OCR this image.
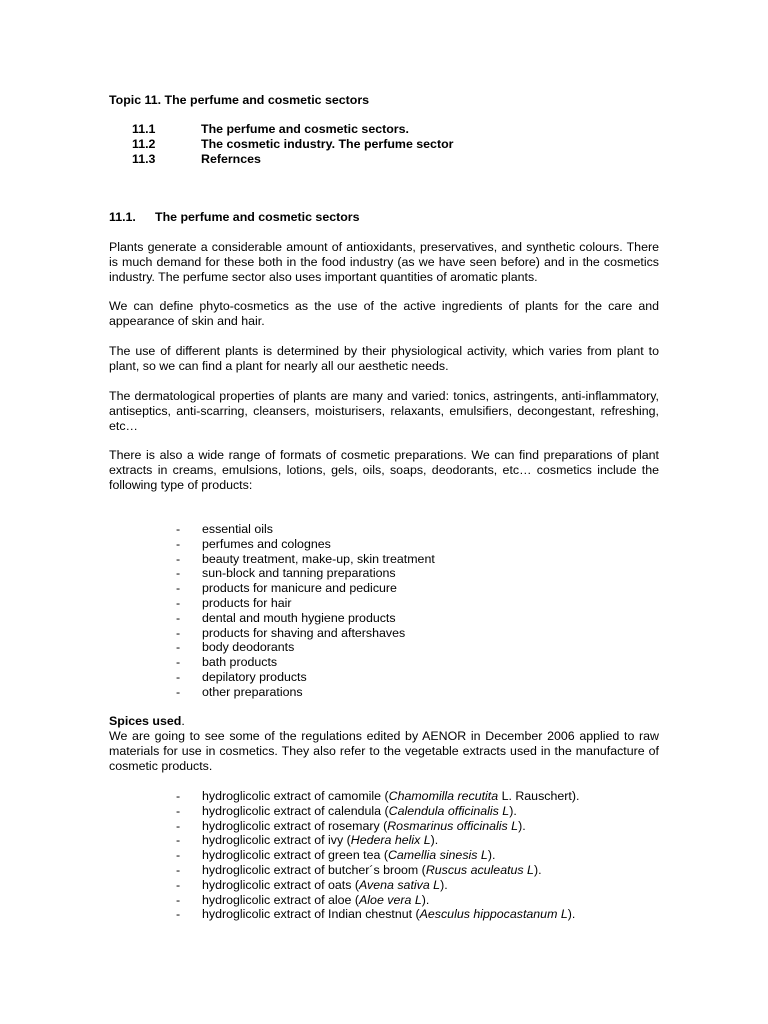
Topic 11. The perfume and cosmetic sectors
11.1	The perfume and cosmetic sectors.
11.2	The cosmetic industry. The perfume sector
11.3	Refernces
11.1.	The perfume and cosmetic sectors

Plants generate a considerable amount of antioxidants, preservatives, and synthetic colours. There is much demand for these both in the food industry (as we have seen before) and in the cosmetics industry. The perfume sector also uses important quantities of aromatic plants.

We can define phyto-cosmetics as the use of the active ingredients of plants for the care and appearance of skin and hair.

The use of different plants is determined by their physiological activity, which varies from plant to plant, so we can find a plant for nearly all our aesthetic needs.

The dermatological properties of plants are many and varied: tonics, astringents, anti-inflammatory, antiseptics, anti-scarring, cleansers, moisturisers, relaxants, emulsifiers, decongestant, refreshing, etc…

There is also a wide range of formats of cosmetic preparations. We can find preparations of plant extracts in creams, emulsions, lotions, gels, oils, soaps, deodorants, etc… cosmetics include the following type of products:

-	essential oils
-	perfumes and colognes
-	beauty treatment, make-up, skin treatment
-	sun-block and tanning preparations
-	products for manicure and pedicure
-	products for hair
-	dental and mouth hygiene products
-	products for shaving and aftershaves
-	body deodorants
-	bath products
-	depilatory products
-	other preparations
Spices used.

We are going to see some of the regulations edited by AENOR in December 2006 applied to raw materials for use in cosmetics. They also refer to the vegetable extracts used in the manufacture of cosmetic products.

-	hydroglicolic extract of camomile (Chamomilla recutita L. Rauschert).
-	hydroglicolic extract of calendula (Calendula officinalis L).
-	hydroglicolic extract of rosemary (Rosmarinus officinalis L).
-	hydroglicolic extract of ivy (Hedera helix L).
-	hydroglicolic extract of green tea (Camellia sinesis L).
-	hydroglicolic extract of butcher´s broom (Ruscus aculeatus L).
-	hydroglicolic extract of oats (Avena sativa L).
-	hydroglicolic extract of aloe (Aloe vera L).
-	hydroglicolic extract of Indian chestnut (Aesculus hippocastanum L).
